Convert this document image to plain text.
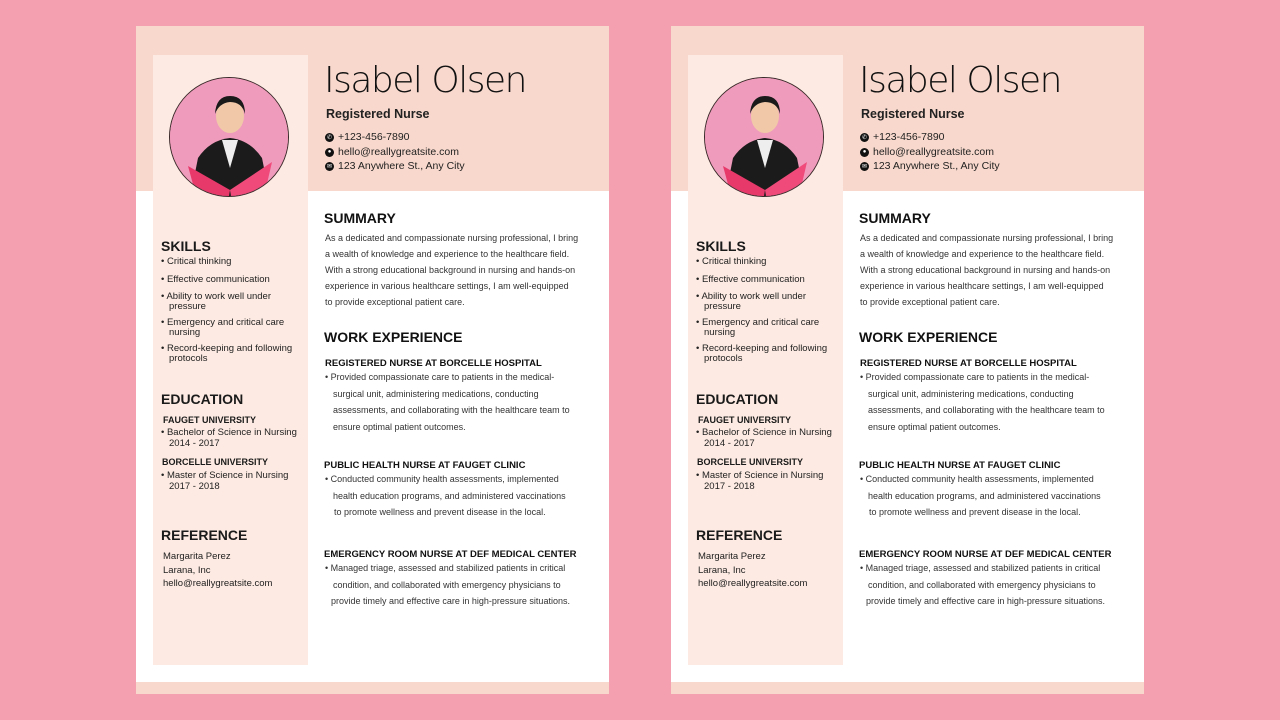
Isabel Olsen
Registered Nurse
✆ +123-456-7890
● hello@reallygreatsite.com
✉ 123 Anywhere St., Any City
SUMMARY
As a dedicated and compassionate nursing professional, I bring
a wealth of knowledge and experience to the healthcare field.
With a strong educational background in nursing and hands-on
experience in various healthcare settings, I am well-equipped
to provide exceptional patient care.
WORK EXPERIENCE
REGISTERED NURSE AT BORCELLE HOSPITAL
• Provided compassionate care to patients in the medical-
surgical unit, administering medications, conducting
assessments, and collaborating with the healthcare team to
ensure optimal patient outcomes.
PUBLIC HEALTH NURSE AT FAUGET CLINIC
• Conducted community health assessments, implemented
health education programs, and administered vaccinations
to promote wellness and prevent disease in the local.
EMERGENCY ROOM NURSE AT DEF MEDICAL CENTER
• Managed triage, assessed and stabilized patients in critical
condition, and collaborated with emergency physicians to
provide timely and effective care in high-pressure situations.
SKILLS
• Critical thinking
• Effective communication
• Ability to work well under pressure
• Emergency and critical care nursing
• Record-keeping and following protocols
EDUCATION
FAUGET UNIVERSITY
• Bachelor of Science in Nursing
2014 - 2017
BORCELLE UNIVERSITY
• Master of Science in Nursing
2017 - 2018
REFERENCE
Margarita Perez
Larana, Inc
hello@reallygreatsite.com
Isabel Olsen
Registered Nurse
✆ +123-456-7890
● hello@reallygreatsite.com
✉ 123 Anywhere St., Any City
SUMMARY
As a dedicated and compassionate nursing professional, I bring
a wealth of knowledge and experience to the healthcare field.
With a strong educational background in nursing and hands-on
experience in various healthcare settings, I am well-equipped
to provide exceptional patient care.
WORK EXPERIENCE
REGISTERED NURSE AT BORCELLE HOSPITAL
• Provided compassionate care to patients in the medical-
surgical unit, administering medications, conducting
assessments, and collaborating with the healthcare team to
ensure optimal patient outcomes.
PUBLIC HEALTH NURSE AT FAUGET CLINIC
• Conducted community health assessments, implemented
health education programs, and administered vaccinations
to promote wellness and prevent disease in the local.
EMERGENCY ROOM NURSE AT DEF MEDICAL CENTER
• Managed triage, assessed and stabilized patients in critical
condition, and collaborated with emergency physicians to
provide timely and effective care in high-pressure situations.
SKILLS
• Critical thinking
• Effective communication
• Ability to work well under pressure
• Emergency and critical care nursing
• Record-keeping and following protocols
EDUCATION
FAUGET UNIVERSITY
• Bachelor of Science in Nursing
2014 - 2017
BORCELLE UNIVERSITY
• Master of Science in Nursing
2017 - 2018
REFERENCE
Margarita Perez
Larana, Inc
hello@reallygreatsite.com
